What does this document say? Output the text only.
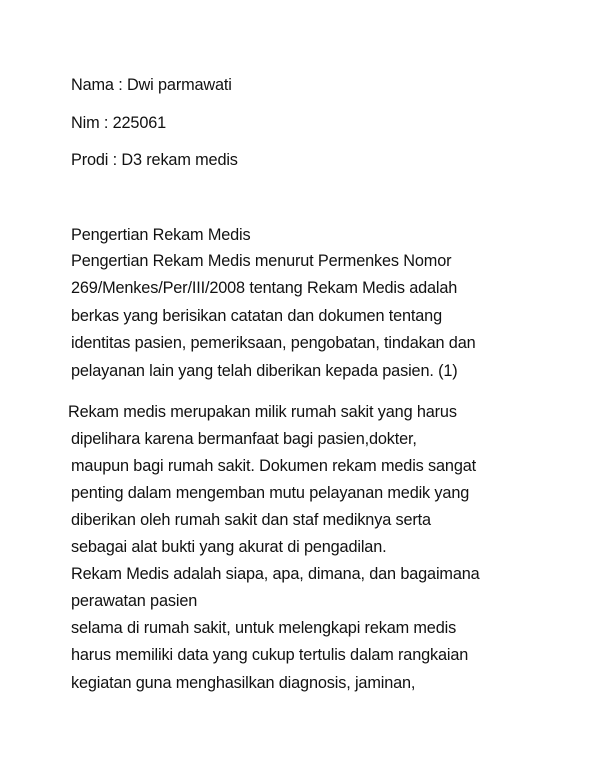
Nama : Dwi parmawati
Nim : 225061
Prodi : D3 rekam medis
Pengertian Rekam Medis
Pengertian Rekam Medis menurut Permenkes Nomor
269/Menkes/Per/III/2008 tentang Rekam Medis adalah
berkas yang berisikan catatan dan dokumen tentang
identitas pasien, pemeriksaan, pengobatan, tindakan dan
pelayanan lain yang telah diberikan kepada pasien. (1)
Rekam medis merupakan milik rumah sakit yang harus
dipelihara karena bermanfaat bagi pasien,dokter,
maupun bagi rumah sakit. Dokumen rekam medis sangat
penting dalam mengemban mutu pelayanan medik yang
diberikan oleh rumah sakit dan staf mediknya serta
sebagai alat bukti yang akurat di pengadilan.
Rekam Medis adalah siapa, apa, dimana, dan bagaimana
perawatan pasien
selama di rumah sakit, untuk melengkapi rekam medis
harus memiliki data yang cukup tertulis dalam rangkaian
kegiatan guna menghasilkan diagnosis, jaminan,
